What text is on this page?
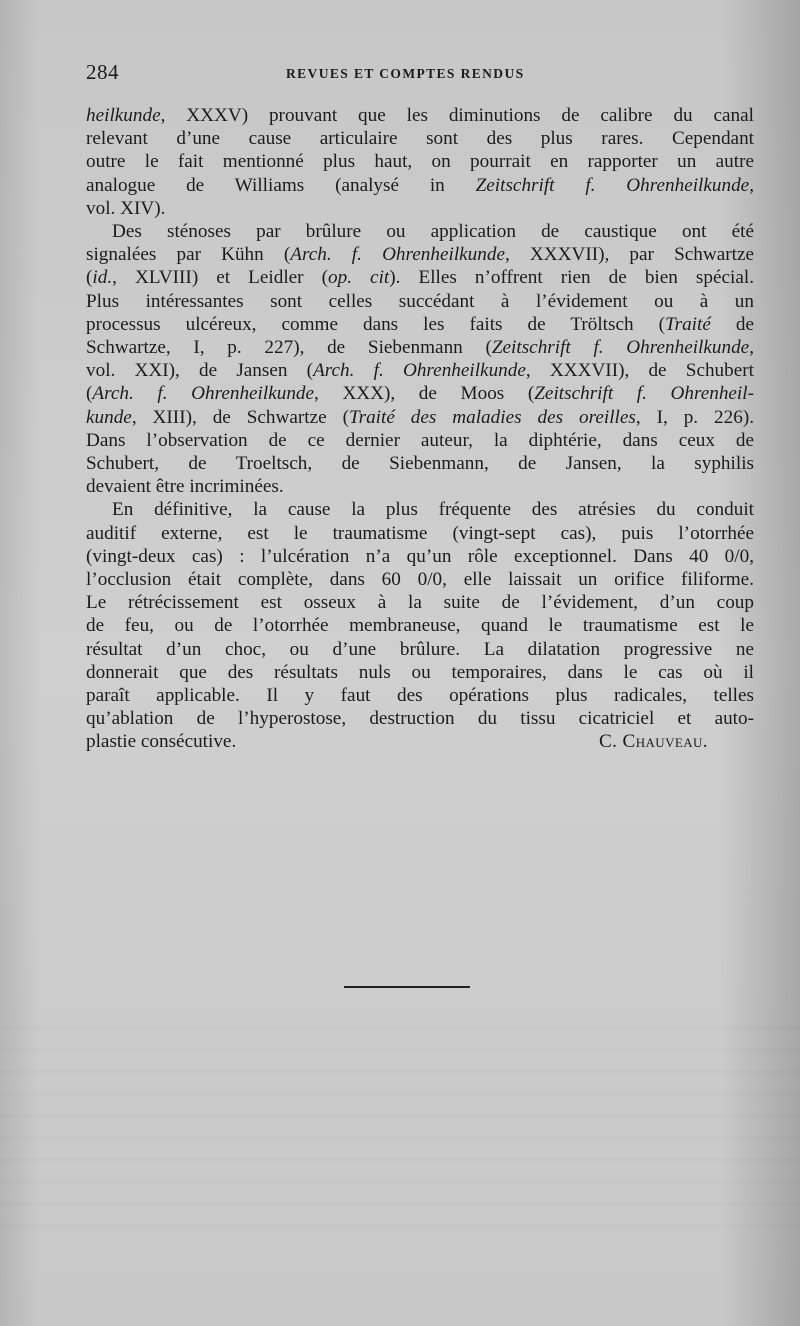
284	REVUES ET COMPTES RENDUS

heilkunde, XXXV) prouvant que les diminutions de calibre du canal
relevant d’une cause articulaire sont des plus rares. Cependant
outre le fait mentionné plus haut, on pourrait en rapporter un autre
analogue de Williams (analysé in Zeitschrift f. Ohrenheilkunde,
vol. XIV).

Des sténoses par brûlure ou application de caustique ont été
signalées par Kühn (Arch. f. Ohrenheilkunde, XXXVII), par Schwartze
(id., XLVIII) et Leidler (op. cit). Elles n’offrent rien de bien spécial.
Plus intéressantes sont celles succédant à l’évidement ou à un
processus ulcéreux, comme dans les faits de Tröltsch (Traité de
Schwartze, I, p. 227), de Siebenmann (Zeitschrift f. Ohrenheilkunde,
vol. XXI), de Jansen (Arch. f. Ohrenheilkunde, XXXVII), de Schubert
(Arch. f. Ohrenheilkunde, XXX), de Moos (Zeitschrift f. Ohrenheil-
kunde, XIII), de Schwartze (Traité des maladies des oreilles, I, p. 226).
Dans l’observation de ce dernier auteur, la diphtérie, dans ceux de
Schubert, de Troeltsch, de Siebenmann, de Jansen, la syphilis
devaient être incriminées.

En définitive, la cause la plus fréquente des atrésies du conduit
auditif externe, est le traumatisme (vingt-sept cas), puis l’otorrhée
(vingt-deux cas) : l’ulcération n’a qu’un rôle exceptionnel. Dans 40 0/0,
l’occlusion était complète, dans 60 0/0, elle laissait un orifice filiforme.
Le rétrécissement est osseux à la suite de l’évidement, d’un coup
de feu, ou de l’otorrhée membraneuse, quand le traumatisme est le
résultat d’un choc, ou d’une brûlure. La dilatation progressive ne
donnerait que des résultats nuls ou temporaires, dans le cas où il
paraît applicable. Il y faut des opérations plus radicales, telles
qu’ablation de l’hyperostose, destruction du tissu cicatriciel et auto-
plastie consécutive.	C. Chauveau.
